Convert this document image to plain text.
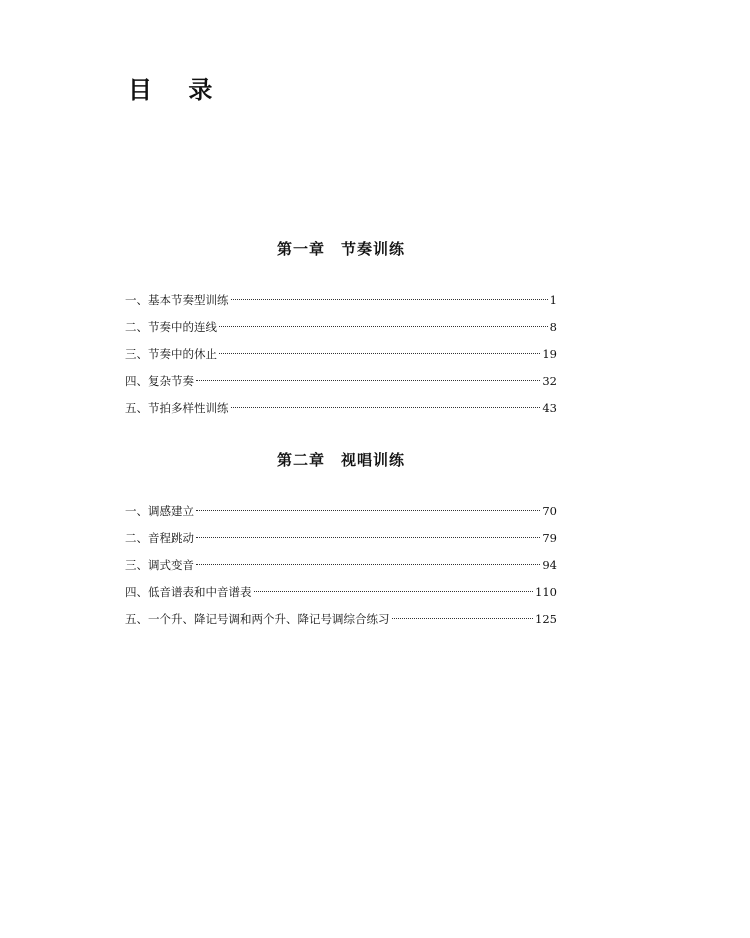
目 录
第一章 节奏训练
一、基本节奏型训练	1
二、节奏中的连线	8
三、节奏中的休止	19
四、复杂节奏	32
五、节拍多样性训练	43
第二章 视唱训练
一、调感建立	70
二、音程跳动	79
三、调式变音	94
四、低音谱表和中音谱表	110
五、一个升、降记号调和两个升、降记号调综合练习	125
